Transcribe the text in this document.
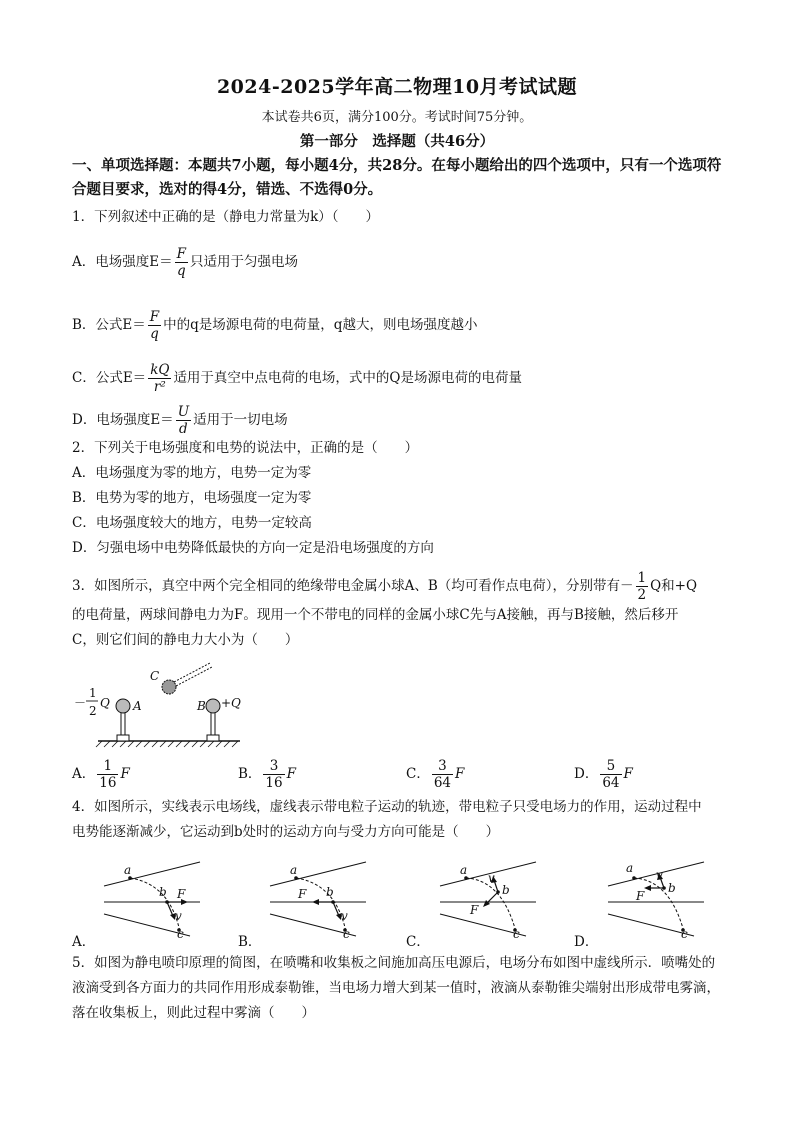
2024-2025学年高二物理10月考试试题
本试卷共6页，满分100分。考试时间75分钟。
第一部分　选择题（共46分）
一、单项选择题：本题共7小题，每小题4分，共28分。在每小题给出的四个选项中，只有一个选项符合题目要求，选对的得4分，错选、不选得0分。
1．下列叙述中正确的是（静电力常量为k）（　　）
A．电场强度$E= \frac{F}{q}$ 只适用于匀强电场
B．公式$E= \frac{F}{q}$ 中的q是场源电荷的电荷量，q越大，则电场强度越小
C．公式$E= \frac{kQ}{\text{r²}}$ 适用于真空中点电荷的电场，式中的Q是场源电荷的电荷量
D．电场强度$E= \frac{U}{d}$ 适用于一切电场
2．下列关于电场强度和电势的说法中，正确的是（　　）
A．电场强度为零的地方，电势一定为零
B．电势为零的地方，电场强度一定为零
C．电场强度较大的地方，电势一定较高
D．匀强电场中电势降低最快的方向一定是沿电场强度的方向
3．如图所示，真空中两个完全相同的绝缘带电金属小球A、B（均可看作点电荷），分别带有－ $\frac{1}{2}$ Q和+Q
的电荷量，两球间静电力为F。现用一个不带电的同样的金属小球C先与A接触，再与B接触，然后移开
C，则它们间的静电力大小为（　　）
C
A	B +Q
－
1
2
Q
A． $\frac{1}{16}$ F	B． $\frac{3}{16}$ F	C． $\frac{3}{64}$ F	D． $\frac{5}{64}$ F
4．如图所示，实线表示电场线，虚线表示带电粒子运动的轨迹，带电粒子只受电场力的作用，运动过程中
电势能逐渐减少，它运动到b处时的运动方向与受力方向可能是（　　）
a
b F
v
c
A．
a
b
F
v
c
B．
a
b
F
v
c
C．
a
b
F
v
c
D．
5．如图为静电喷印原理的简图，在喷嘴和收集板之间施加高压电源后，电场分布如图中虚线所示．喷嘴处的液滴受到各方面力的共同作用形成泰勒锥，当电场力增大到某一值时，液滴从泰勒锥尖端射出形成带电雾滴，落在收集板上，则此过程中雾滴（　　）
